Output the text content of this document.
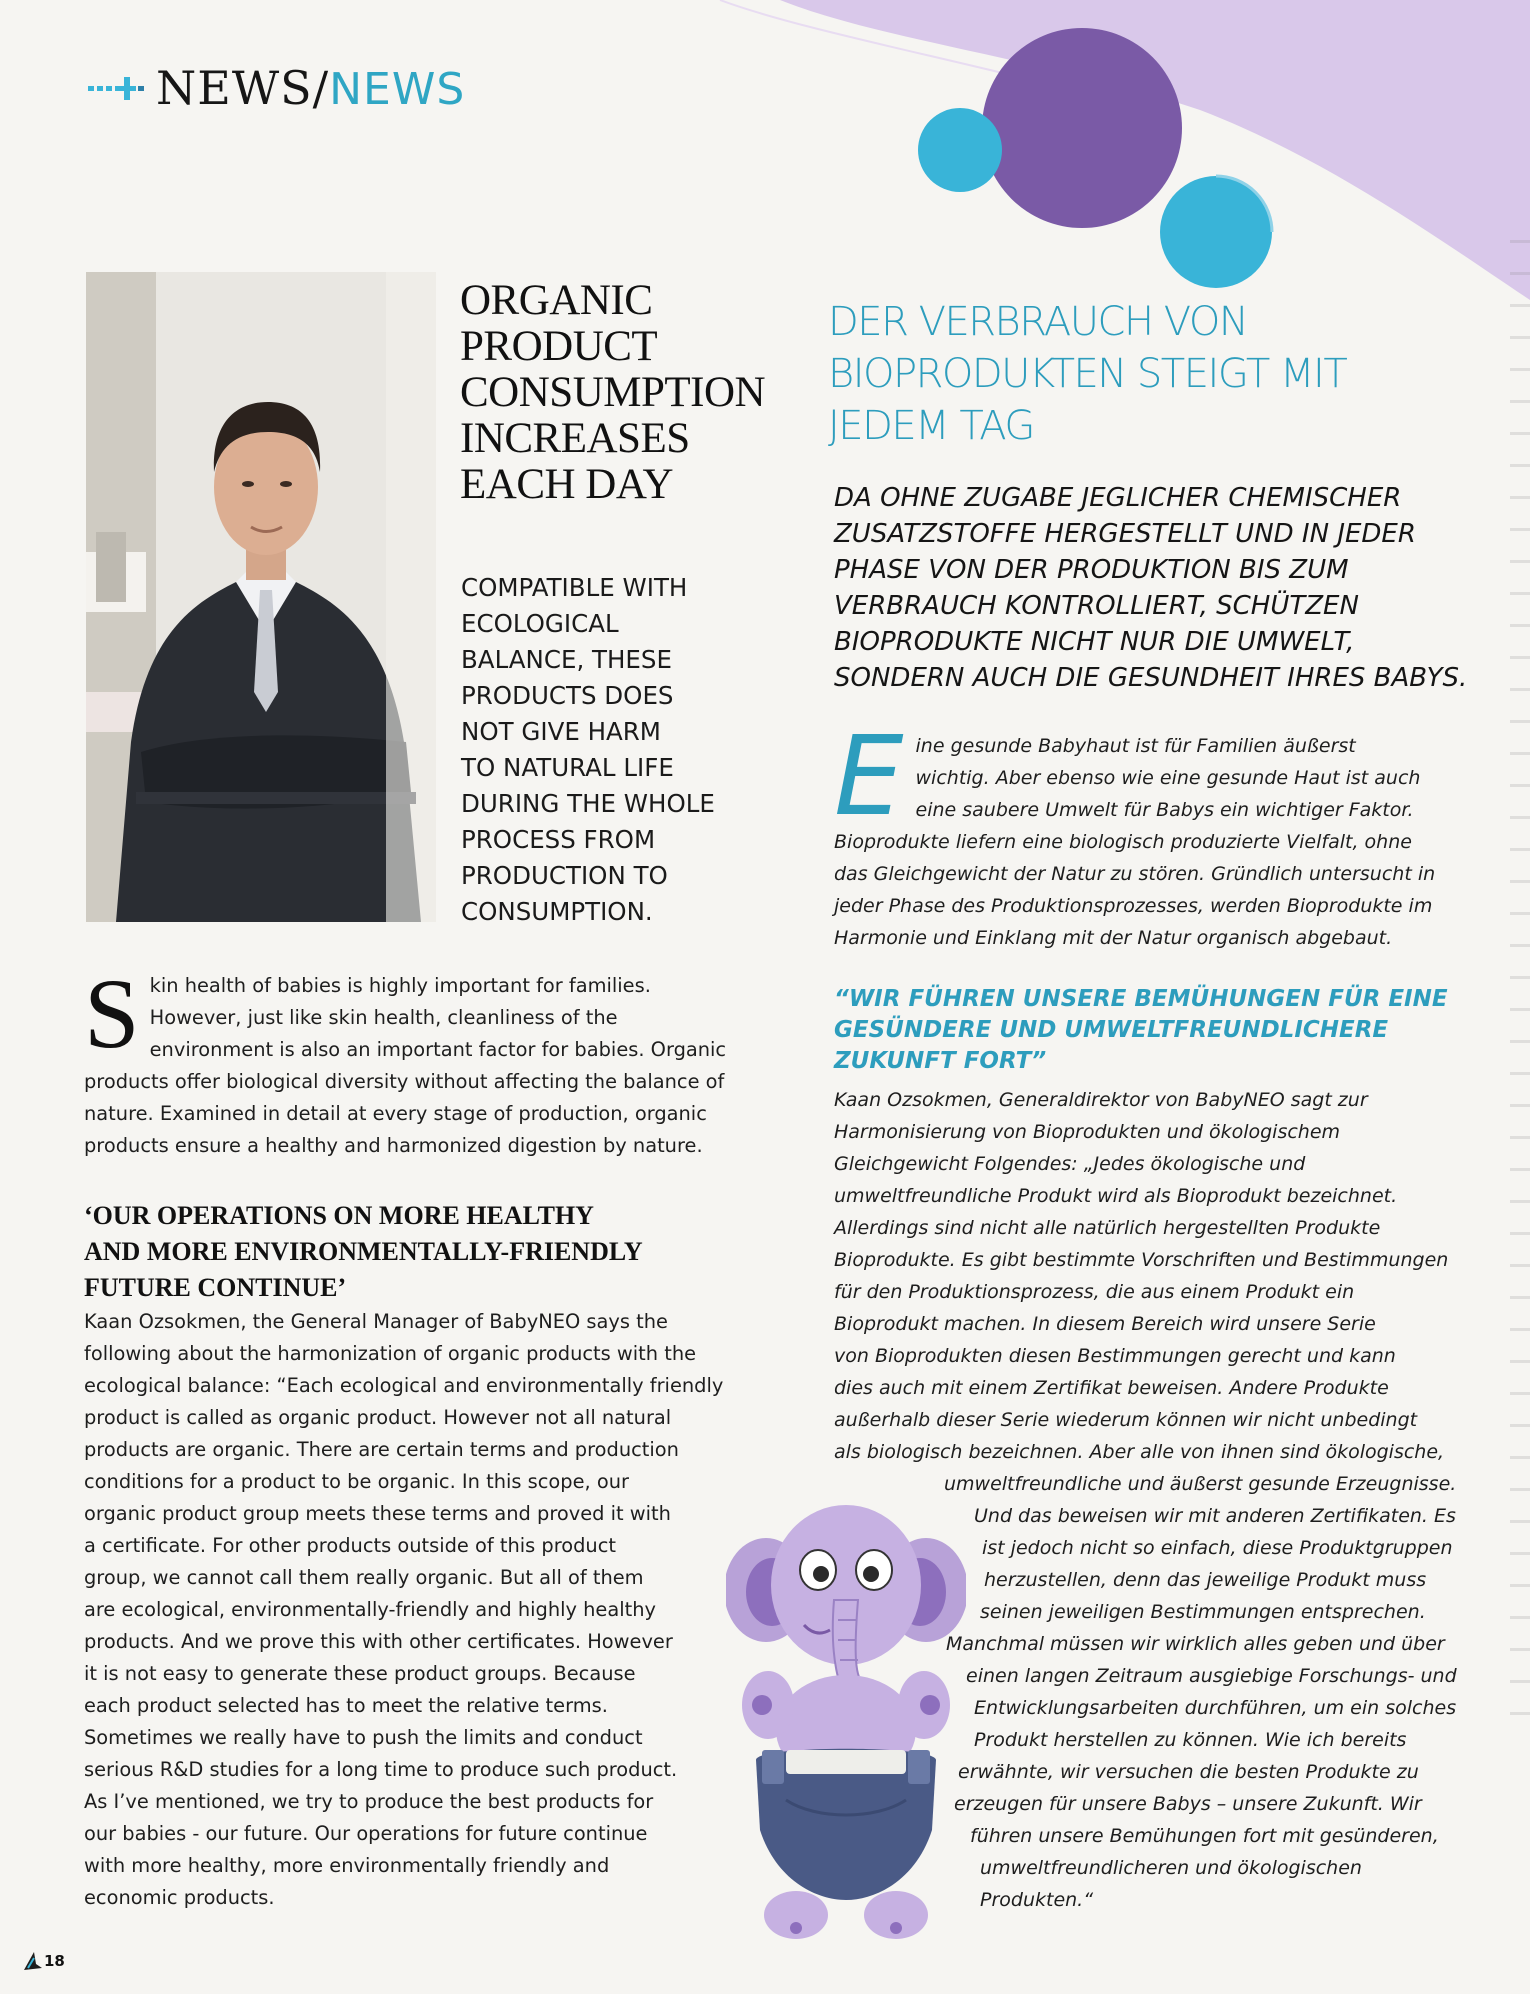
NEWS/NEWS
ORGANIC
PRODUCT
CONSUMPTION
INCREASES
EACH DAY
COMPATIBLE WITH
ECOLOGICAL
BALANCE, THESE
PRODUCTS DOES
NOT GIVE HARM
TO NATURAL LIFE
DURING THE WHOLE
PROCESS FROM
PRODUCTION TO
CONSUMPTION.
S kin health of babies is highly important for families.
However, just like skin health, cleanliness of the
environment is also an important factor for babies. Organic
products offer biological diversity without affecting the balance of
nature. Examined in detail at every stage of production, organic
products ensure a healthy and harmonized digestion by nature.
‘OUR OPERATIONS ON MORE HEALTHY
AND MORE ENVIRONMENTALLY-FRIENDLY
FUTURE CONTINUE’
Kaan Ozsokmen, the General Manager of BabyNEO says the
following about the harmonization of organic products with the
ecological balance: “Each ecological and environmentally friendly
product is called as organic product. However not all natural
products are organic. There are certain terms and production
conditions for a product to be organic. In this scope, our
organic product group meets these terms and proved it with
a certificate. For other products outside of this product
group, we cannot call them really organic. But all of them
are ecological, environmentally-friendly and highly healthy
products. And we prove this with other certificates. However
it is not easy to generate these product groups. Because
each product selected has to meet the relative terms.
Sometimes we really have to push the limits and conduct
serious R&D studies for a long time to produce such product.
As I’ve mentioned, we try to produce the best products for
our babies - our future. Our operations for future continue
with more healthy, more environmentally friendly and
economic products.
DER VERBRAUCH VON
BIOPRODUKTEN STEIGT MIT
JEDEM TAG
DA OHNE ZUGABE JEGLICHER CHEMISCHER
ZUSATZSTOFFE HERGESTELLT UND IN JEDER
PHASE VON DER PRODUKTION BIS ZUM
VERBRAUCH KONTROLLIERT, SCHÜTZEN
BIOPRODUKTE NICHT NUR DIE UMWELT,
SONDERN AUCH DIE GESUNDHEIT IHRES BABYS.
E ine gesunde Babyhaut ist für Familien äußerst
wichtig. Aber ebenso wie eine gesunde Haut ist auch
eine saubere Umwelt für Babys ein wichtiger Faktor.
Bioprodukte liefern eine biologisch produzierte Vielfalt, ohne
das Gleichgewicht der Natur zu stören. Gründlich untersucht in
jeder Phase des Produktionsprozesses, werden Bioprodukte im
Harmonie und Einklang mit der Natur organisch abgebaut.
“WIR FÜHREN UNSERE BEMÜHUNGEN FÜR EINE
GESÜNDERE UND UMWELTFREUNDLICHERE
ZUKUNFT FORT”
Kaan Ozsokmen, Generaldirektor von BabyNEO sagt zur
Harmonisierung von Bioprodukten und ökologischem
Gleichgewicht Folgendes: „Jedes ökologische und
umweltfreundliche Produkt wird als Bioprodukt bezeichnet.
Allerdings sind nicht alle natürlich hergestellten Produkte
Bioprodukte. Es gibt bestimmte Vorschriften und Bestimmungen
für den Produktionsprozess, die aus einem Produkt ein
Bioprodukt machen. In diesem Bereich wird unsere Serie
von Bioprodukten diesen Bestimmungen gerecht und kann
dies auch mit einem Zertifikat beweisen. Andere Produkte
außerhalb dieser Serie wiederum können wir nicht unbedingt
als biologisch bezeichnen. Aber alle von ihnen sind ökologische,
umweltfreundliche und äußerst gesunde Erzeugnisse.
Und das beweisen wir mit anderen Zertifikaten. Es
ist jedoch nicht so einfach, diese Produktgruppen
herzustellen, denn das jeweilige Produkt muss
seinen jeweiligen Bestimmungen entsprechen.
Manchmal müssen wir wirklich alles geben und über
einen langen Zeitraum ausgiebige Forschungs- und
Entwicklungsarbeiten durchführen, um ein solches
Produkt herstellen zu können. Wie ich bereits
erwähnte, wir versuchen die besten Produkte zu
erzeugen für unsere Babys – unsere Zukunft. Wir
führen unsere Bemühungen fort mit gesünderen,
umweltfreundlicheren und ökologischen
Produkten.“
18
